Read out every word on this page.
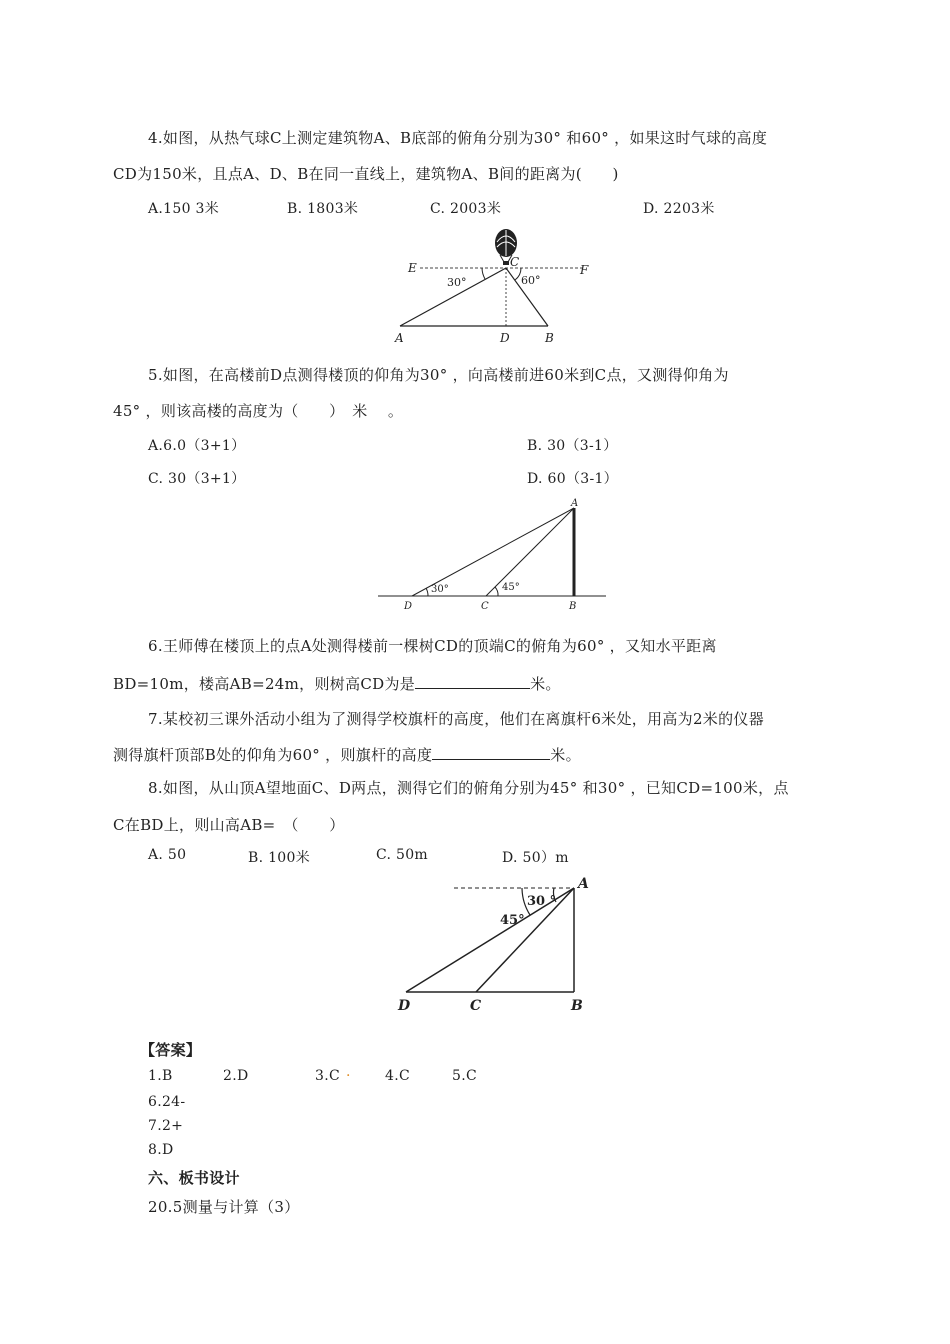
4.如图，从热气球C上测定建筑物A、B底部的俯角分别为30° 和60° ，如果这时气球的高度
CD为150米，且点A、D、B在同一直线上，建筑物A、B间的距离为(　　)
A.150 3米	B. 1803米	C. 2003米	D. 2203米
E	C
F
30°	60°
A	D	B
5.如图，在高楼前D点测得楼顶的仰角为30° ，向高楼前进60米到C点，又测得仰角为
45° ，则该高楼的高度为（　　）　米　 。
A.6.0（3+1）	B. 30（3-1）
C. 30（3+1）	D. 60（3-1）
A
30°	45°
D	C	B
6.王师傅在楼顶上的点A处测得楼前一棵树CD的顶端C的俯角为60° ，又知水平距离
BD=10m，楼高AB=24m，则树高CD为是	米。
7.某校初三课外活动小组为了测得学校旗杆的高度，他们在离旗杆6米处，用高为2米的仪器
测得旗杆顶部B处的仰角为60° ，则旗杆的高度	米。
8.如图，从山顶A望地面C、D两点，测得它们的俯角分别为45° 和30° ，已知CD=100米，点
C在BD上，则山高AB=　（　　）
A. 50	B. 100米	C. 50m	D. 50）m
A
30 °
45°
D	C	B
【答案】
1.B	2.D	3.C · 4.C	5.C
6.24-
7.2+
8.D
六、板书设计
20.5测量与计算（3）
